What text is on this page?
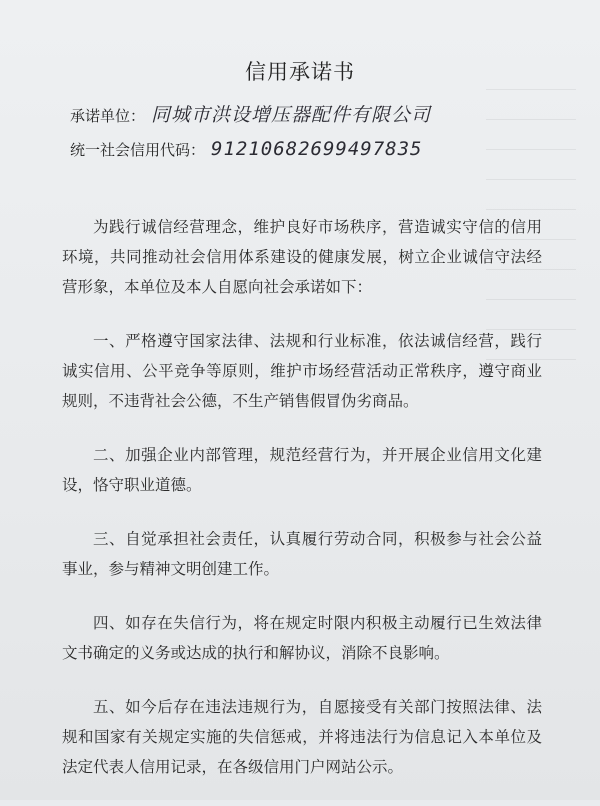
信用承诺书
承诺单位： 同城市洪设增压器配件有限公司
统一社会信用代码： 91210682699497835

为践行诚信经营理念，维护良好市场秩序，营造诚实守信的信用环境，共同推动社会信用体系建设的健康发展，树立企业诚信守法经营形象，本单位及本人自愿向社会承诺如下：

一、严格遵守国家法律、法规和行业标准，依法诚信经营，践行诚实信用、公平竞争等原则，维护市场经营活动正常秩序，遵守商业规则，不违背社会公德，不生产销售假冒伪劣商品。

二、加强企业内部管理，规范经营行为，并开展企业信用文化建设，恪守职业道德。

三、自觉承担社会责任，认真履行劳动合同，积极参与社会公益事业，参与精神文明创建工作。

四、如存在失信行为，将在规定时限内积极主动履行已生效法律文书确定的义务或达成的执行和解协议，消除不良影响。

五、如今后存在违法违规行为，自愿接受有关部门按照法律、法规和国家有关规定实施的失信惩戒，并将违法行为信息记入本单位及法定代表人信用记录，在各级信用门户网站公示。
